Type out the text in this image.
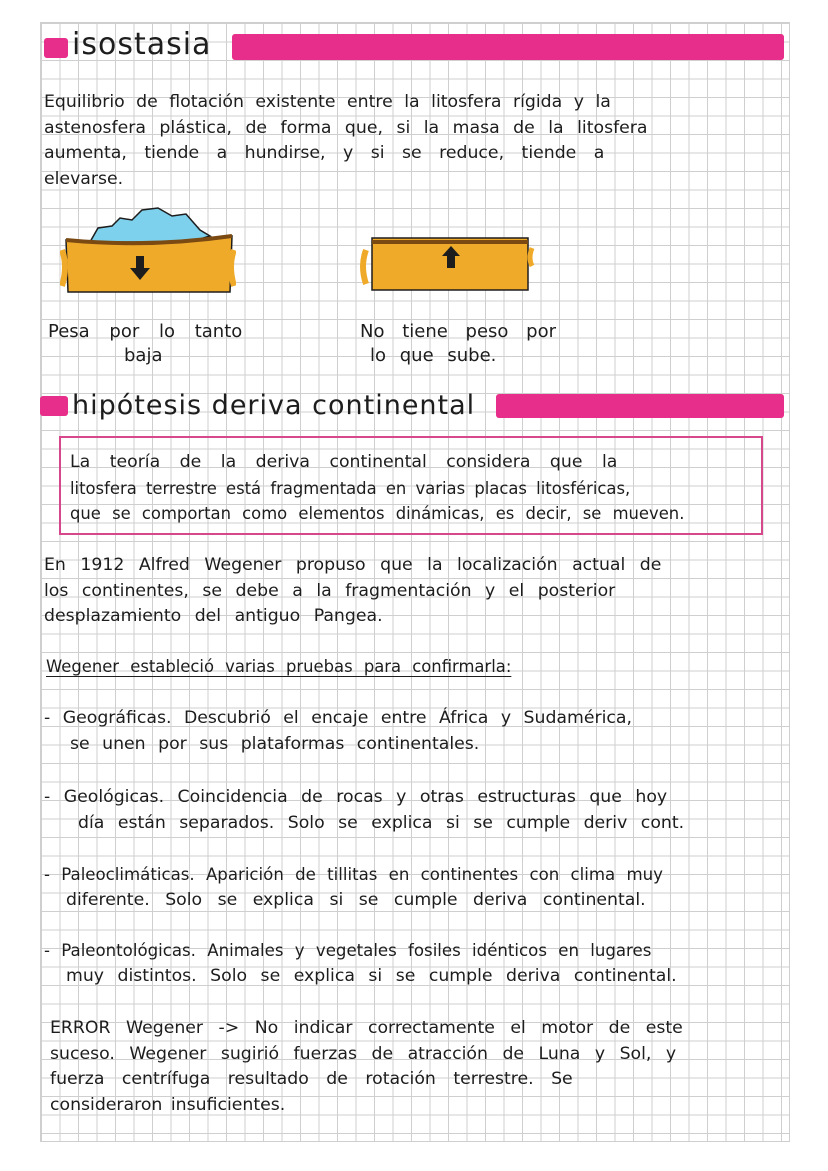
isostasia
Equilibrio de flotación existente entre la litosfera rígida y la
astenosfera plástica, de forma que, si la masa de la litosfera
aumenta, tiende a hundirse, y si se reduce, tiende a
elevarse.
Pesa por lo tanto
baja
No tiene peso por
lo que sube.
hipótesis deriva continental
La teoría de la deriva continental considera que la
litosfera terrestre está fragmentada en varias placas litosféricas,
que se comportan como elementos dinámicas, es decir, se mueven.
En 1912 Alfred Wegener propuso que la localización actual de
los continentes, se debe a la fragmentación y el posterior
desplazamiento del antiguo Pangea.
Wegener estableció varias pruebas para confirmarla:
- Geográficas. Descubrió el encaje entre África y Sudamérica,
se unen por sus plataformas continentales.
- Geológicas. Coincidencia de rocas y otras estructuras que hoy
día están separados. Solo se explica si se cumple deriv cont.
- Paleoclimáticas. Aparición de tillitas en continentes con clima muy
diferente. Solo se explica si se cumple deriva continental.
- Paleontológicas. Animales y vegetales fosiles idénticos en lugares
muy distintos. Solo se explica si se cumple deriva continental.
ERROR Wegener -> No indicar correctamente el motor de este
suceso. Wegener sugirió fuerzas de atracción de Luna y Sol, y
fuerza centrífuga resultado de rotación terrestre. Se
consideraron insuficientes.
